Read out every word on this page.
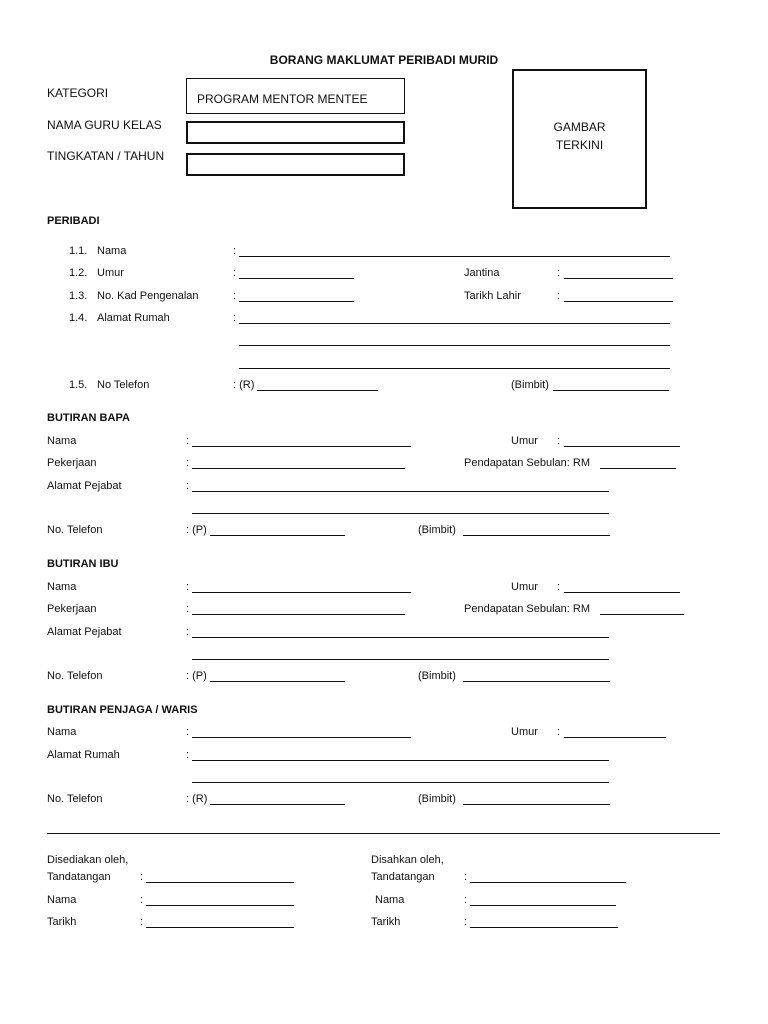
BORANG MAKLUMAT PERIBADI MURID
KATEGORI	PROGRAM MENTOR MENTEE
NAMA GURU KELAS
TINGKATAN / TAHUN
GAMBAR
TERKINI
PERIBADI
1.1. Nama	:
1.2. Umur	:	Jantina	:
1.3. No. Kad Pengenalan	:	Tarikh Lahir	:
1.4. Alamat Rumah	:
1.5. No Telefon	: (R)	(Bimbit)
BUTIRAN BAPA
Nama	:	Umur :
Pekerjaan	:	Pendapatan Sebulan: RM
Alamat Pejabat	:
No. Telefon	: (P)	(Bimbit)
BUTIRAN IBU
Nama	:	Umur :
Pekerjaan	:	Pendapatan Sebulan: RM
Alamat Pejabat	:
No. Telefon	: (P)	(Bimbit)
BUTIRAN PENJAGA / WARIS
Nama	:	Umur :
Alamat Rumah	:
No. Telefon	: (R)	(Bimbit)
Disediakan oleh,	Disahkan oleh,
Tandatangan	:	Tandatangan	:
Nama	:	Nama	:
Tarikh	:	Tarikh	:
